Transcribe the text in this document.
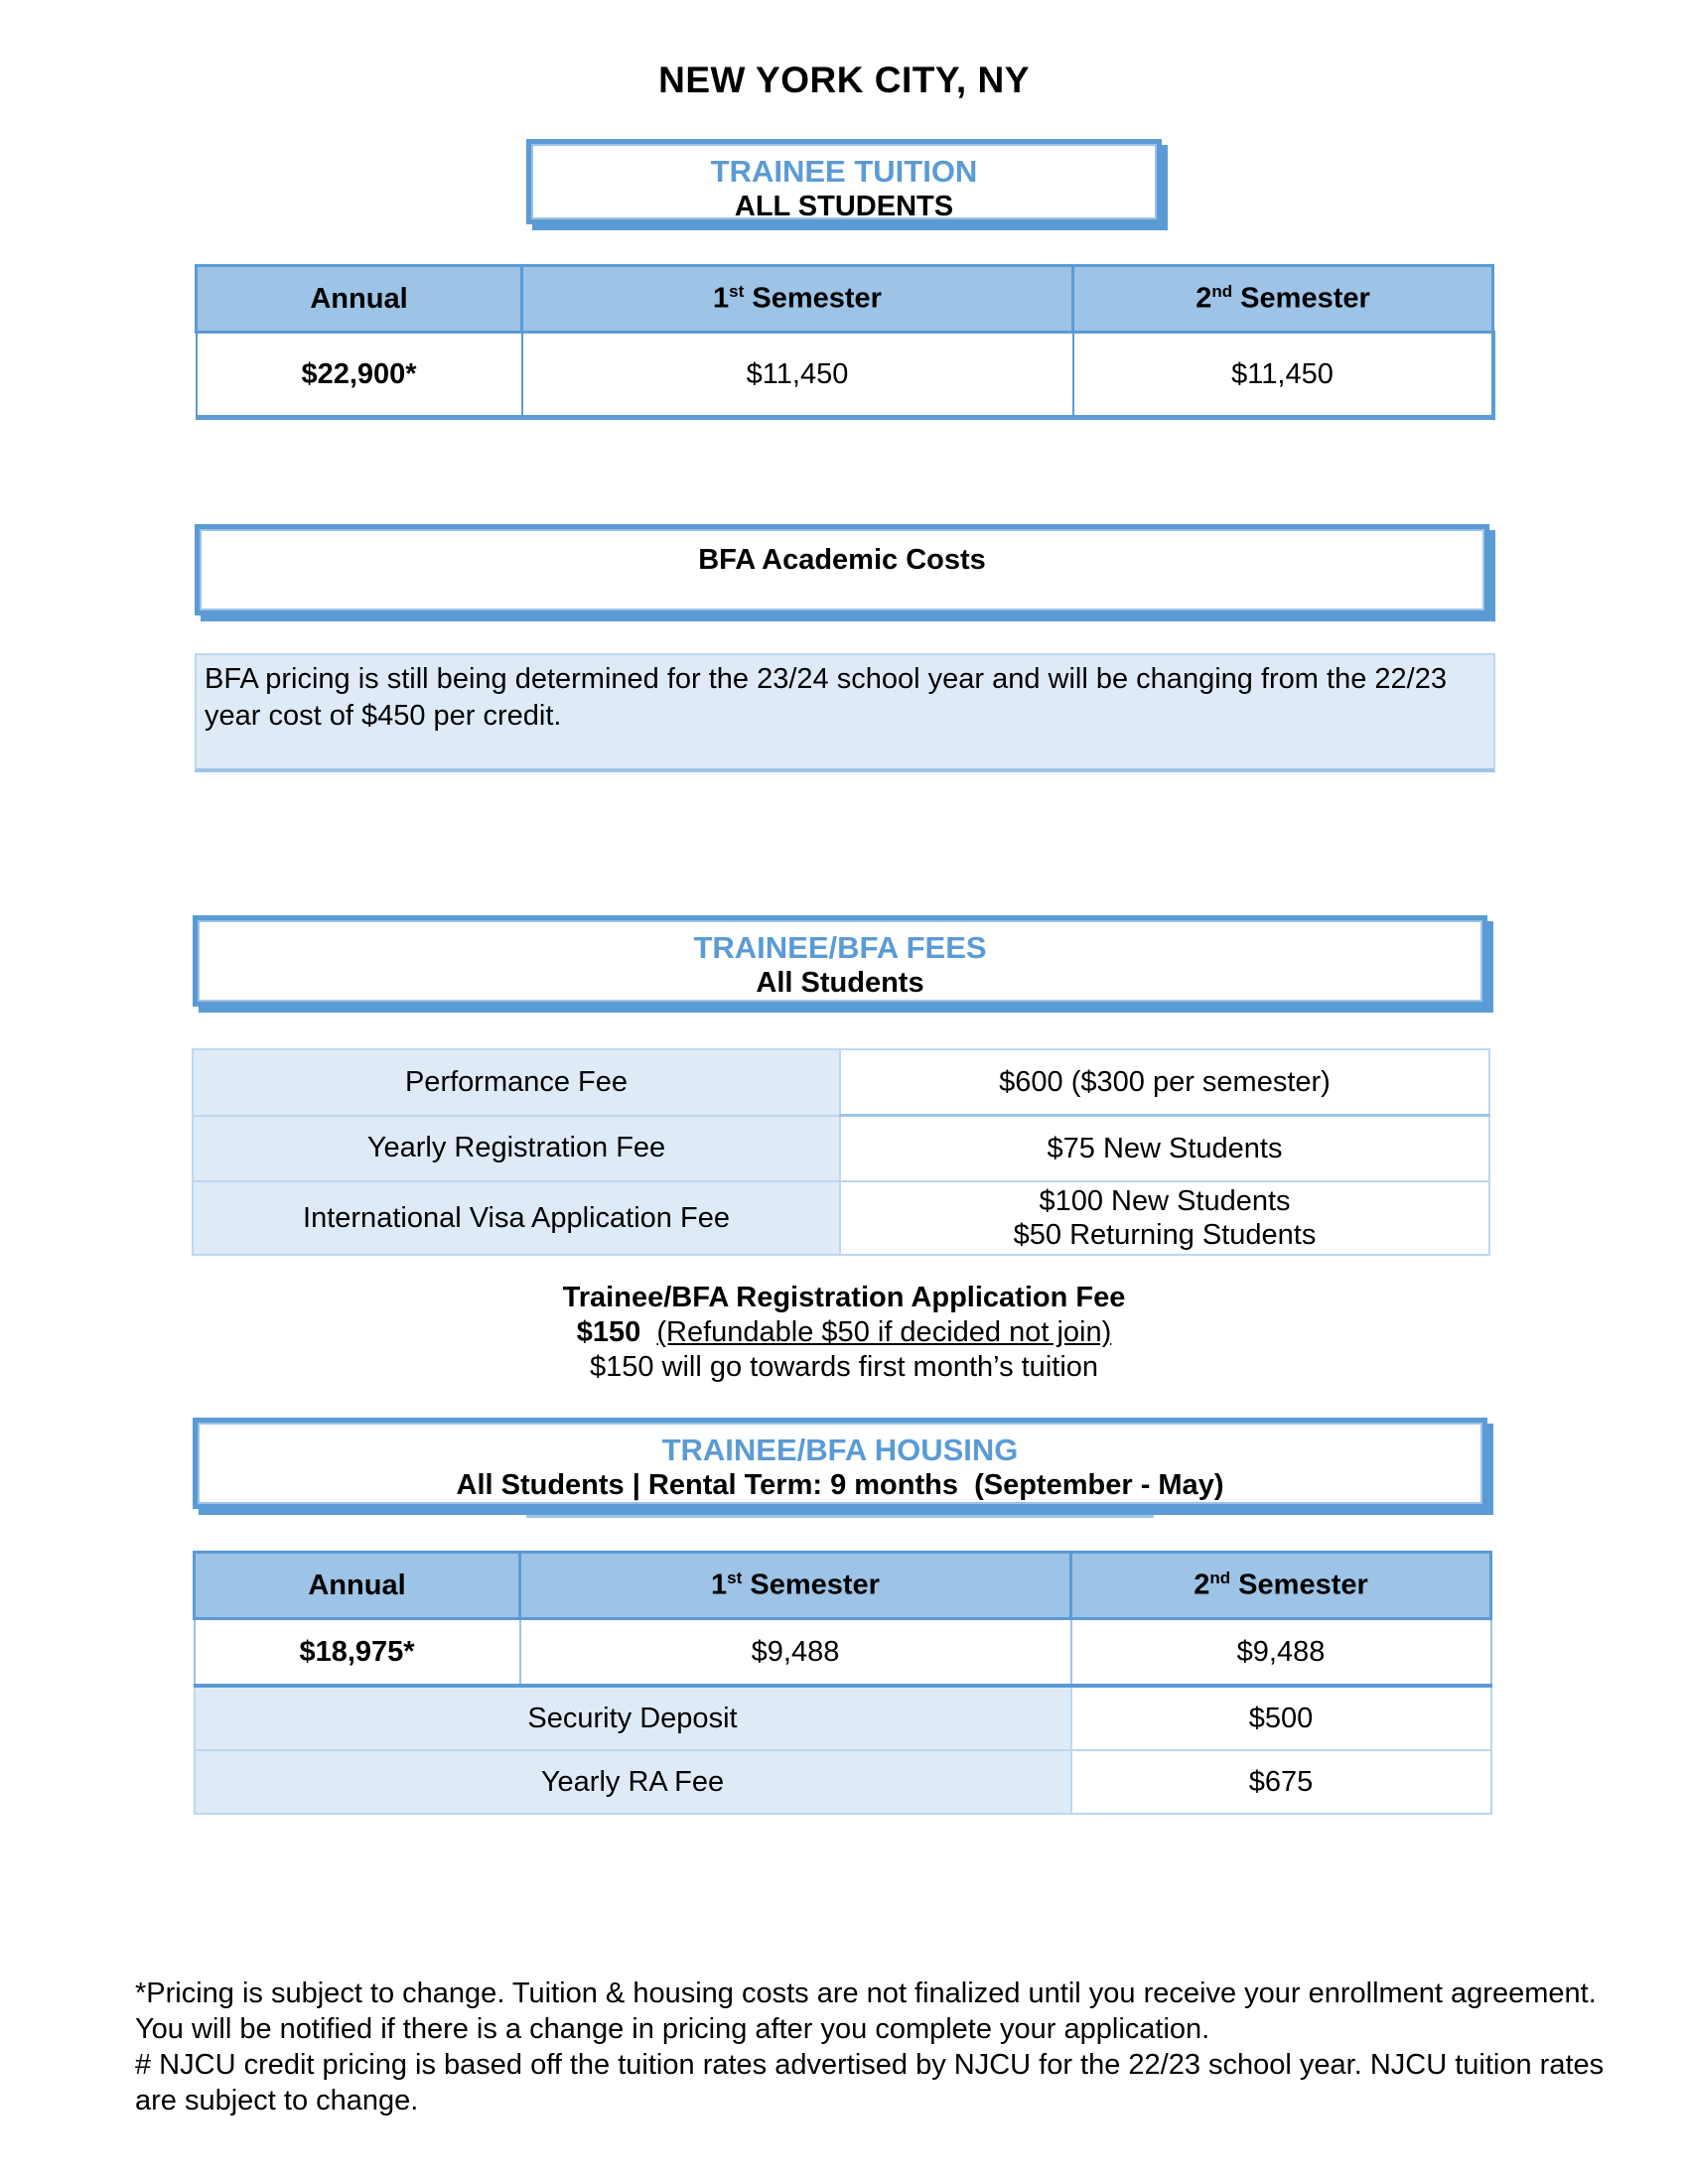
NEW YORK CITY, NY
TRAINEE TUITION
ALL STUDENTS
Annual	1st Semester	2nd Semester
$22,900*	$11,450	$11,450
BFA Academic Costs
BFA pricing is still being determined for the 23/24 school year and will be changing from the 22/23 year cost of $450 per credit.
TRAINEE/BFA FEES
All Students
Performance Fee	$600 ($300 per semester)
Yearly Registration Fee	$75 New Students
International Visa Application Fee	$100 New Students
$50 Returning Students
Trainee/BFA Registration Application Fee
$150 (Refundable $50 if decided not join)
$150 will go towards first month’s tuition
TRAINEE/BFA HOUSING
All Students | Rental Term: 9 months  (September - May)
Annual	1st Semester	2nd Semester
$18,975*	$9,488	$9,488
Security Deposit		$500
Yearly RA Fee		$675
*Pricing is subject to change. Tuition & housing costs are not finalized until you receive your enrollment agreement. You will be notified if there is a change in pricing after you complete your application.
# NJCU credit pricing is based off the tuition rates advertised by NJCU for the 22/23 school year. NJCU tuition rates are subject to change.
